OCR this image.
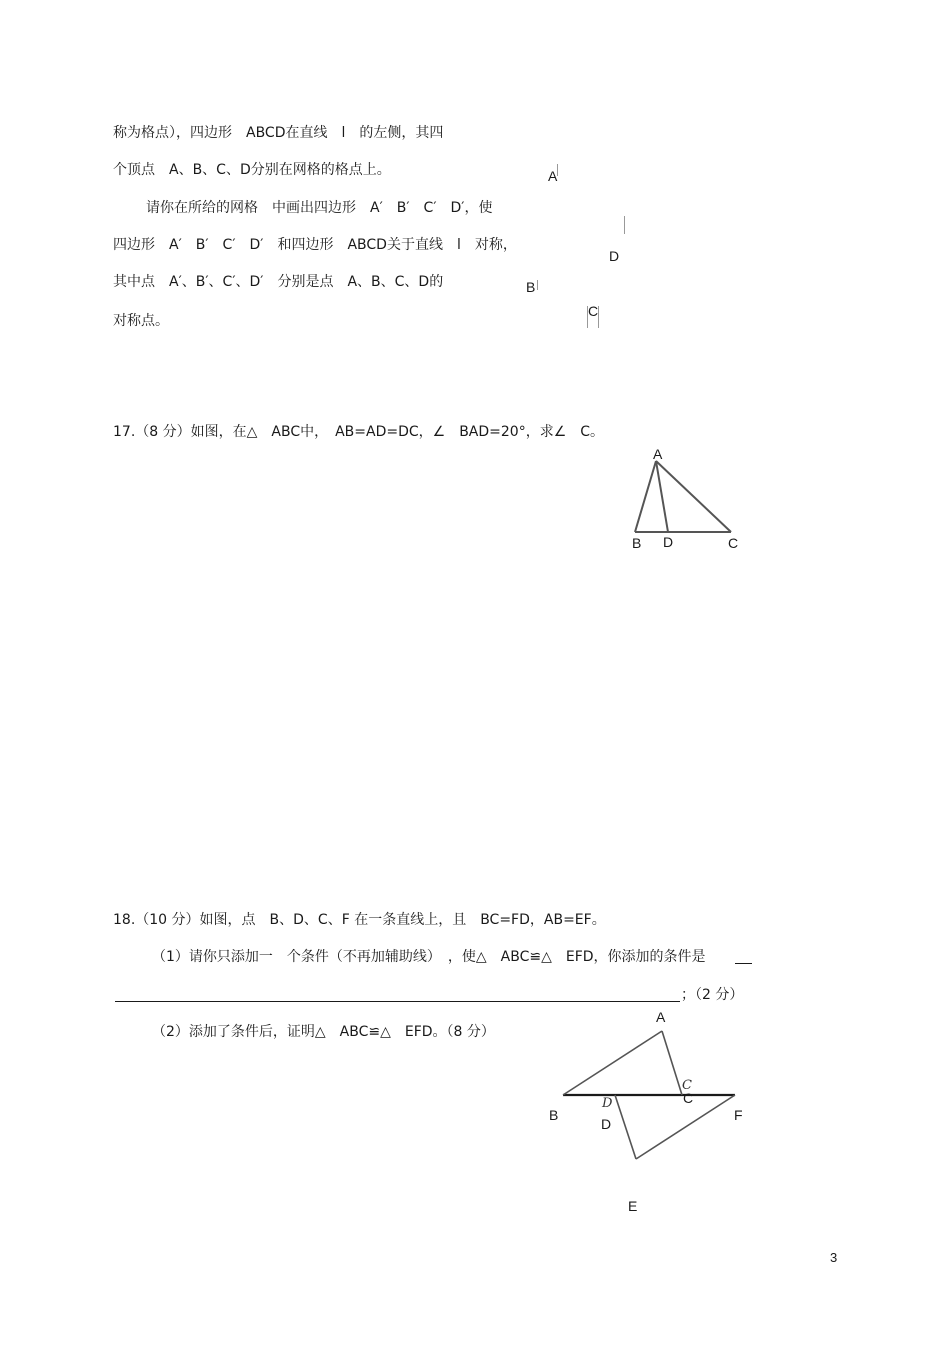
称为格点），四边形　ABCD在直线　l　的左侧，其四
个顶点　A、B、C、D分别在网格的格点上。
请你在所给的网格　中画出四边形　A′　B′　C′　D′，使
四边形　A′　B′　C′　D′　和四边形　ABCD关于直线　l　对称，
其中点　A′、B′、C′、D′　分别是点　A、B、C、D的
对称点。
A
D
B
C
17.（8 分）如图，在△　ABC中，　AB=AD=DC，∠　BAD=20°，求∠　C。
A
B D	C
18.（10 分）如图，点　B、D、C、F 在一条直线上，且　BC=FD，AB=EF。
（1）请你只添加一　个条件（不再加辅助线）　，使△　ABC≌△　EFD，你添加的条件是
；（2 分）
（2）添加了条件后，证明△　ABC≌△　EFD。（8 分）
A
B
C
C
D
D
F
E
3
